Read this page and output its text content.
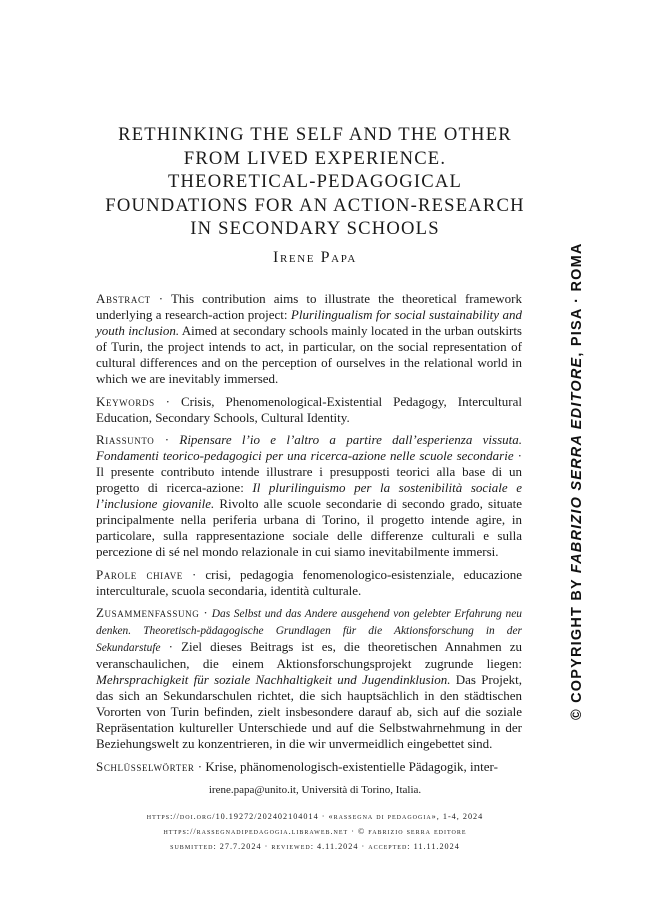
RETHINKING THE SELF AND THE OTHER
FROM LIVED EXPERIENCE.
THEORETICAL-PEDAGOGICAL
FOUNDATIONS FOR AN ACTION-RESEARCH
IN SECONDARY SCHOOLS

Irene Papa

Abstract · This contribution aims to illustrate the theoretical framework underlying a research-action project: Plurilingualism for social sustainability and youth inclusion. Aimed at secondary schools mainly located in the urban outskirts of Turin, the project intends to act, in particular, on the social representation of cultural differences and on the perception of ourselves in the relational world in which we are inevitably immersed.

Keywords · Crisis, Phenomenological-Existential Pedagogy, Intercultural Education, Secondary Schools, Cultural Identity.

Riassunto · Ripensare l’io e l’altro a partire dall’esperienza vissuta. Fondamenti teorico-pedagogici per una ricerca-azione nelle scuole secondarie · Il presente contributo intende illustrare i presupposti teorici alla base di un progetto di ricerca-azione: Il plurilinguismo per la sostenibilità sociale e l’inclusione giovanile. Rivolto alle scuole secondarie di secondo grado, situate principalmente nella periferia urbana di Torino, il progetto intende agire, in particolare, sulla rappresentazione sociale delle differenze culturali e sulla percezione di sé nel mondo relazionale in cui siamo inevitabilmente immersi.

Parole chiave · crisi, pedagogia fenomenologico-esistenziale, educazione interculturale, scuola secondaria, identità culturale.

Zusammenfassung · Das Selbst und das Andere ausgehend von gelebter Erfahrung neu denken. Theoretisch-pädagogische Grundlagen für die Aktionsforschung in der Sekundarstufe · Ziel dieses Beitrags ist es, die theoretischen Annahmen zu veranschaulichen, die einem Aktionsforschungsprojekt zugrunde liegen: Mehrsprachigkeit für soziale Nachhaltigkeit und Jugendinklusion. Das Projekt, das sich an Sekundarschulen richtet, die sich hauptsächlich in den städtischen Vororten von Turin befinden, zielt insbesondere darauf ab, sich auf die soziale Repräsentation kultureller Unterschiede und auf die Selbstwahrnehmung in der Beziehungswelt zu konzentrieren, in die wir unvermeidlich eingebettet sind.

Schlüsselwörter · Krise, phänomenologisch-existentielle Pädagogik, inter-

irene.papa@unito.it, Università di Torino, Italia.
https://doi.org/10.19272/202402104014 · «rassegna di pedagogia», 1-4, 2024
https://rassegnadipedagogia.libraweb.net · © fabrizio serra editore
submitted: 27.7.2024 · reviewed: 4.11.2024 · accepted: 11.11.2024
© COPYRIGHT BY FABRIZIO SERRA EDITORE, PISA · ROMA
